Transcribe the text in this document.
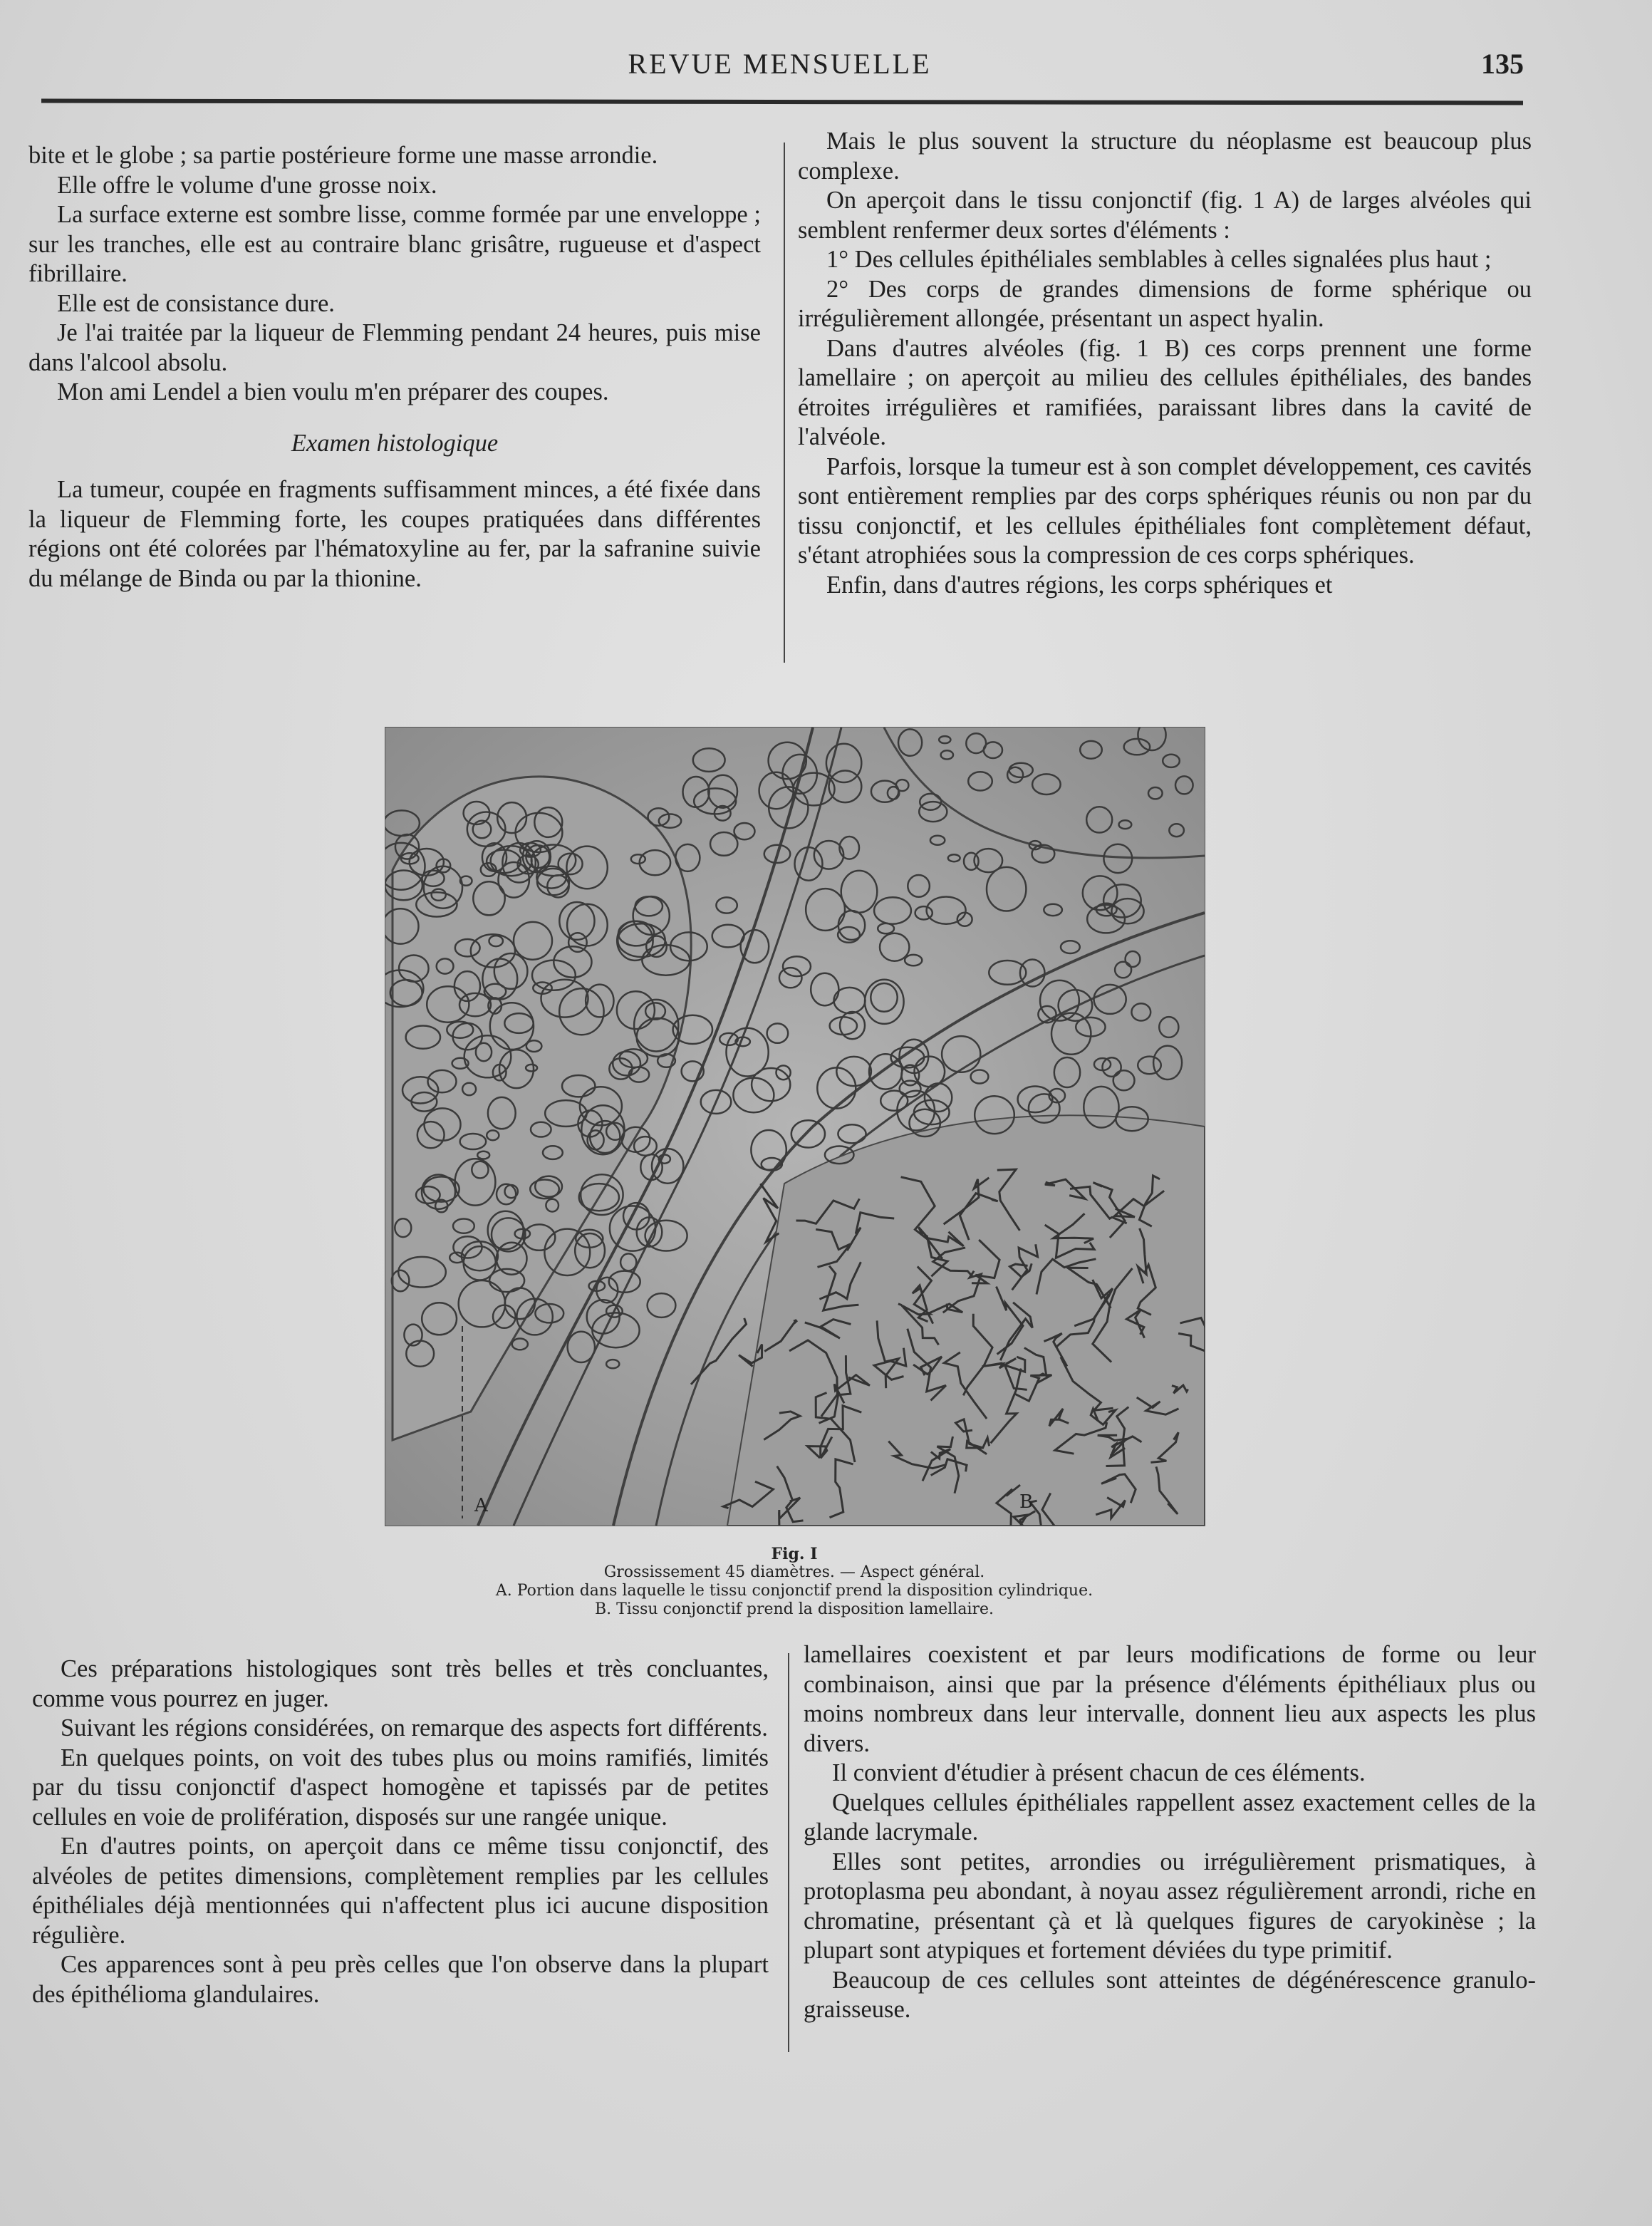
REVUE MENSUELLE	135

bite et le globe ; sa partie postérieure forme une masse arrondie.

Elle offre le volume d'une grosse noix.

La surface externe est sombre lisse, comme formée par une enveloppe ; sur les tranches, elle est au contraire blanc grisâtre, rugueuse et d'aspect fibrillaire.

Elle est de consistance dure.

Je l'ai traitée par la liqueur de Flemming pendant 24 heures, puis mise dans l'alcool absolu.

Mon ami Lendel a bien voulu m'en préparer des coupes.

Examen histologique

La tumeur, coupée en fragments suffisamment minces, a été fixée dans la liqueur de Flemming forte, les coupes pratiquées dans différentes régions ont été colorées par l'hématoxyline au fer, par la safranine suivie du mélange de Binda ou par la thionine.

Mais le plus souvent la structure du néoplasme est beaucoup plus complexe.

On aperçoit dans le tissu conjonctif (fig. 1 A) de larges alvéoles qui semblent renfermer deux sortes d'éléments :

1° Des cellules épithéliales semblables à celles signalées plus haut ;

2° Des corps de grandes dimensions de forme sphérique ou irrégulièrement allongée, présentant un aspect hyalin.

Dans d'autres alvéoles (fig. 1 B) ces corps prennent une forme lamellaire ; on aperçoit au milieu des cellules épithéliales, des bandes étroites irrégulières et ramifiées, paraissant libres dans la cavité de l'alvéole.

Parfois, lorsque la tumeur est à son complet développement, ces cavités sont entièrement remplies par des corps sphériques réunis ou non par du tissu conjonctif, et les cellules épithéliales font complètement défaut, s'étant atrophiées sous la compression de ces corps sphériques.

Enfin, dans d'autres régions, les corps sphériques et

A	B
Fig. I
Grossissement 45 diamètres. — Aspect général.
A. Portion dans laquelle le tissu conjonctif prend la disposition cylindrique.
B. Tissu conjonctif prend la disposition lamellaire.

Ces préparations histologiques sont très belles et très concluantes, comme vous pourrez en juger.

Suivant les régions considérées, on remarque des aspects fort différents.

En quelques points, on voit des tubes plus ou moins ramifiés, limités par du tissu conjonctif d'aspect homogène et tapissés par de petites cellules en voie de prolifération, disposés sur une rangée unique.

En d'autres points, on aperçoit dans ce même tissu conjonctif, des alvéoles de petites dimensions, complètement remplies par les cellules épithéliales déjà mentionnées qui n'affectent plus ici aucune disposition régulière.

Ces apparences sont à peu près celles que l'on observe dans la plupart des épithélioma glandulaires.

lamellaires coexistent et par leurs modifications de forme ou leur combinaison, ainsi que par la présence d'éléments épithéliaux plus ou moins nombreux dans leur intervalle, donnent lieu aux aspects les plus divers.

Il convient d'étudier à présent chacun de ces éléments.

Quelques cellules épithéliales rappellent assez exactement celles de la glande lacrymale.

Elles sont petites, arrondies ou irrégulièrement prismatiques, à protoplasma peu abondant, à noyau assez régulièrement arrondi, riche en chromatine, présentant çà et là quelques figures de caryokinèse ; la plupart sont atypiques et fortement déviées du type primitif.

Beaucoup de ces cellules sont atteintes de dégénérescence granulo-graisseuse.
